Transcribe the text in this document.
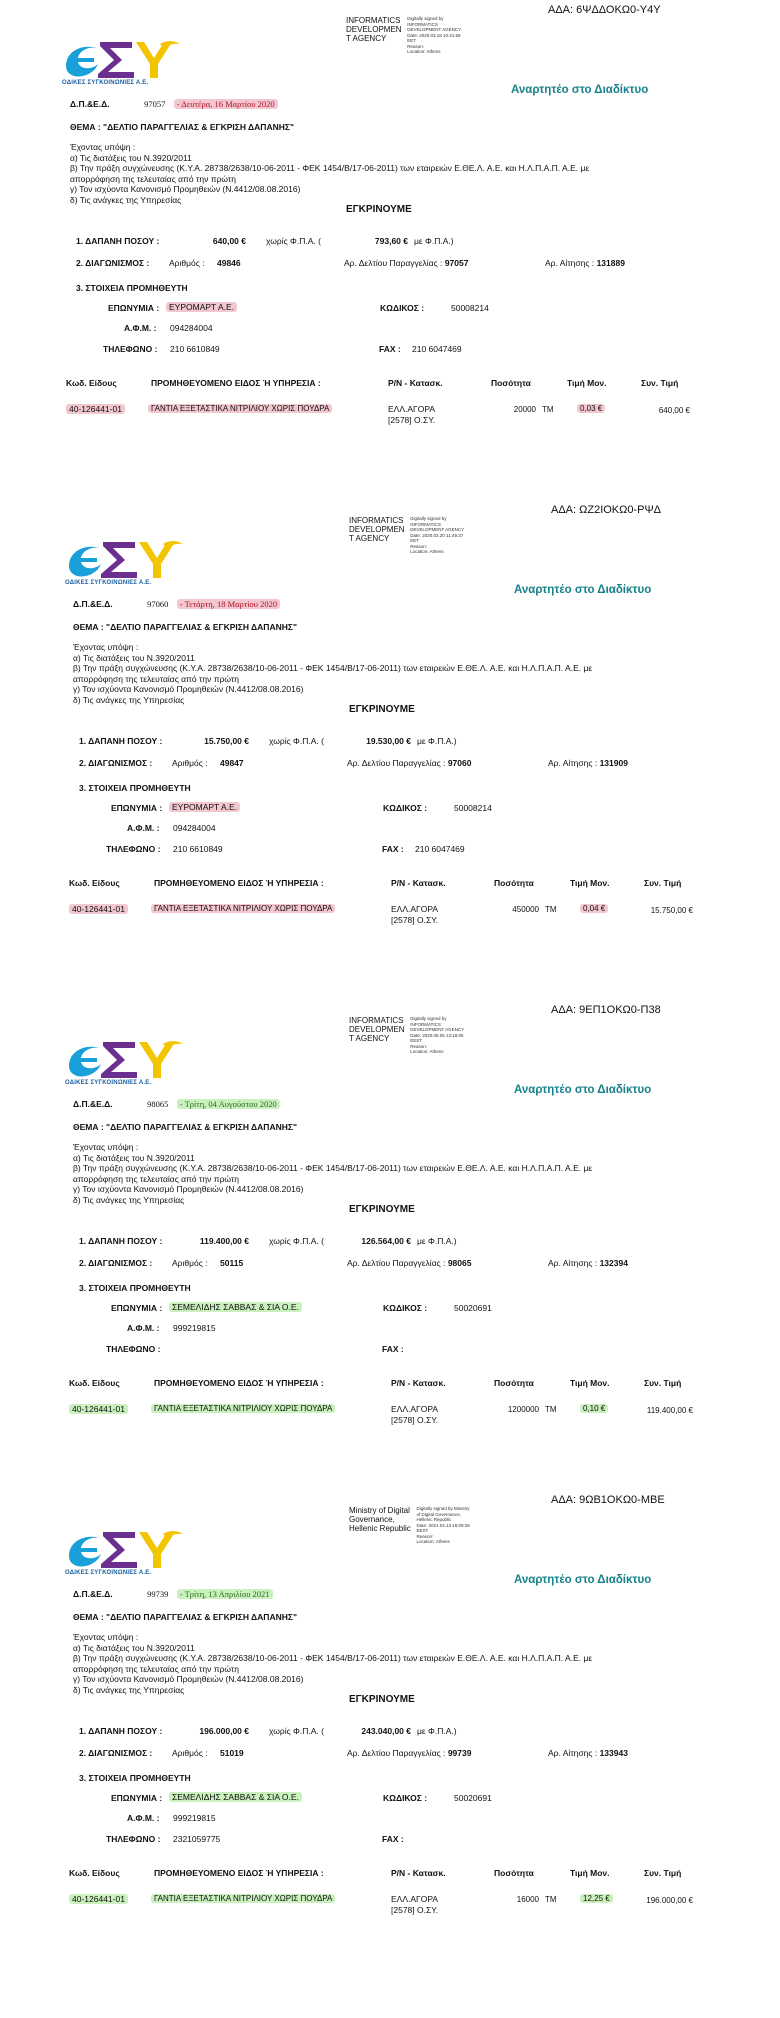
ΑΔΑ: 6ΨΔΔΟΚΩ0-Υ4Υ
INFORMATICS
DEVELOPMEN
T AGENCY Digitally signed by
INFORMATICS
DEVELOPMENT AGENCY
Date: 2020.03.18 10:41:59
EET
Reason:
Location: Athens
ΟΔΙΚΕΣ ΣΥΓΚΟΙΝΩΝΙΕΣ Α.Ε.
Αναρτητέο στο Διαδίκτυο
Δ.Π.&Ε.Δ.	97057 - Δευτέρα, 16 Μαρτίου 2020
ΘΕΜΑ : "ΔΕΛΤΙΟ ΠΑΡΑΓΓΕΛΙΑΣ & ΕΓΚΡΙΣΗ ΔΑΠΑΝΗΣ"
Έχοντας υπόψη :
α) Τις διατάξεις του Ν.3920/2011
β) Την πράξη συγχώνευσης (Κ.Υ.Α. 28738/2638/10-06-2011 - ΦΕΚ 1454/Β/17-06-2011) των εταιρειών Ε.ΘΕ.Λ. Α.Ε. και Η.Λ.Π.Α.Π. Α.Ε. με
απορρόφηση της τελευταίας από την πρώτη
γ) Τον ισχύοντα Κανονισμό Προμηθειών (Ν.4412/08.08.2016)
δ) Τις ανάγκες της Υπηρεσίας
ΕΓΚΡΙΝΟΥΜΕ
1. ΔΑΠΑΝΗ ΠΟΣΟΥ :	640,00 € χωρίς Φ.Π.Α. (	793,60 € με Φ.Π.Α.)
2. ΔΙΑΓΩΝΙΣΜΟΣ : Αριθμός : 49846	Αρ. Δελτίου Παραγγελίας : 97057	Αρ. Αίτησης : 131889
3. ΣΤΟΙΧΕΙΑ ΠΡΟΜΗΘΕΥΤΗ
ΕΠΩΝΥΜΙΑ :	ΕΥΡΟΜΑΡΤ Α.Ε.	ΚΩΔΙΚΟΣ :	50008214
Α.Φ.Μ. : 094284004
ΤΗΛΕΦΩΝΟ : 210 6610849	FAX : 210 6047469
Κωδ. Είδους	ΠΡΟΜΗΘΕΥΟΜΕΝΟ ΕΙΔΟΣ Ή ΥΠΗΡΕΣΙΑ :	P/N - Κατασκ.	Ποσότητα	Τιμή Μον.	Συν. Τιμή
40-126441-01	ΓΑΝΤΙΑ ΕΞΕΤΑΣΤΙΚΑ ΝΙΤΡΙΛΙΟΥ ΧΩΡΙΣ ΠΟΥΔΡΑ	ΕΛΛ.ΑΓΟΡΑ
[2578] Ο.ΣΥ.
20000 TM	0,03 €	640,00 €
ΑΔΑ: ΩΖ2ΙΟΚΩ0-ΡΨΔ
INFORMATICS
DEVELOPMEN
T AGENCY Digitally signed by
INFORMATICS
DEVELOPMENT AGENCY
Date: 2020.03.20 11:49:37
EET
Reason:
Location: Athens
ΟΔΙΚΕΣ ΣΥΓΚΟΙΝΩΝΙΕΣ Α.Ε.
Αναρτητέο στο Διαδίκτυο
Δ.Π.&Ε.Δ.	97060 - Τετάρτη, 18 Μαρτίου 2020
ΘΕΜΑ : "ΔΕΛΤΙΟ ΠΑΡΑΓΓΕΛΙΑΣ & ΕΓΚΡΙΣΗ ΔΑΠΑΝΗΣ"
Έχοντας υπόψη :
α) Τις διατάξεις του Ν.3920/2011
β) Την πράξη συγχώνευσης (Κ.Υ.Α. 28738/2638/10-06-2011 - ΦΕΚ 1454/Β/17-06-2011) των εταιρειών Ε.ΘΕ.Λ. Α.Ε. και Η.Λ.Π.Α.Π. Α.Ε. με
απορρόφηση της τελευταίας από την πρώτη
γ) Τον ισχύοντα Κανονισμό Προμηθειών (Ν.4412/08.08.2016)
δ) Τις ανάγκες της Υπηρεσίας
ΕΓΚΡΙΝΟΥΜΕ
1. ΔΑΠΑΝΗ ΠΟΣΟΥ :	15.750,00 € χωρίς Φ.Π.Α. (	19.530,00 € με Φ.Π.Α.)
2. ΔΙΑΓΩΝΙΣΜΟΣ : Αριθμός : 49847	Αρ. Δελτίου Παραγγελίας : 97060	Αρ. Αίτησης : 131909
3. ΣΤΟΙΧΕΙΑ ΠΡΟΜΗΘΕΥΤΗ
ΕΠΩΝΥΜΙΑ :	ΕΥΡΟΜΑΡΤ Α.Ε.	ΚΩΔΙΚΟΣ :	50008214
Α.Φ.Μ. : 094284004
ΤΗΛΕΦΩΝΟ : 210 6610849	FAX : 210 6047469
Κωδ. Είδους	ΠΡΟΜΗΘΕΥΟΜΕΝΟ ΕΙΔΟΣ Ή ΥΠΗΡΕΣΙΑ :	P/N - Κατασκ.	Ποσότητα	Τιμή Μον.	Συν. Τιμή
40-126441-01	ΓΑΝΤΙΑ ΕΞΕΤΑΣΤΙΚΑ ΝΙΤΡΙΛΙΟΥ ΧΩΡΙΣ ΠΟΥΔΡΑ	ΕΛΛ.ΑΓΟΡΑ
[2578] Ο.ΣΥ.
450000 TM	0,04 €	15.750,00 €
ΑΔΑ: 9ΕΠ1ΟΚΩ0-Π38
INFORMATICS
DEVELOPMEN
T AGENCY Digitally signed by
INFORMATICS
DEVELOPMENT AGENCY
Date: 2020.08.05 13:18:05
EEST
Reason:
Location: Athens
ΟΔΙΚΕΣ ΣΥΓΚΟΙΝΩΝΙΕΣ Α.Ε.
Αναρτητέο στο Διαδίκτυο
Δ.Π.&Ε.Δ.	98065 - Τρίτη, 04 Αυγούστου 2020
ΘΕΜΑ : "ΔΕΛΤΙΟ ΠΑΡΑΓΓΕΛΙΑΣ & ΕΓΚΡΙΣΗ ΔΑΠΑΝΗΣ"
Έχοντας υπόψη :
α) Τις διατάξεις του Ν.3920/2011
β) Την πράξη συγχώνευσης (Κ.Υ.Α. 28738/2638/10-06-2011 - ΦΕΚ 1454/Β/17-06-2011) των εταιρειών Ε.ΘΕ.Λ. Α.Ε. και Η.Λ.Π.Α.Π. Α.Ε. με
απορρόφηση της τελευταίας από την πρώτη
γ) Τον ισχύοντα Κανονισμό Προμηθειών (Ν.4412/08.08.2016)
δ) Τις ανάγκες της Υπηρεσίας
ΕΓΚΡΙΝΟΥΜΕ
1. ΔΑΠΑΝΗ ΠΟΣΟΥ :	119.400,00 € χωρίς Φ.Π.Α. (	126.564,00 € με Φ.Π.Α.)
2. ΔΙΑΓΩΝΙΣΜΟΣ : Αριθμός : 50115	Αρ. Δελτίου Παραγγελίας : 98065	Αρ. Αίτησης : 132394
3. ΣΤΟΙΧΕΙΑ ΠΡΟΜΗΘΕΥΤΗ
ΕΠΩΝΥΜΙΑ :	ΣΕΜΕΛΙΔΗΣ ΣΑΒΒΑΣ & ΣΙΑ Ο.Ε.	ΚΩΔΙΚΟΣ :	50020691
Α.Φ.Μ. : 999219815
ΤΗΛΕΦΩΝΟ :	FAX :
Κωδ. Είδους	ΠΡΟΜΗΘΕΥΟΜΕΝΟ ΕΙΔΟΣ Ή ΥΠΗΡΕΣΙΑ :	P/N - Κατασκ.	Ποσότητα	Τιμή Μον.	Συν. Τιμή
40-126441-01	ΓΑΝΤΙΑ ΕΞΕΤΑΣΤΙΚΑ ΝΙΤΡΙΛΙΟΥ ΧΩΡΙΣ ΠΟΥΔΡΑ	ΕΛΛ.ΑΓΟΡΑ
[2578] Ο.ΣΥ.
1200000 TM	0,10 €	119.400,00 €
ΑΔΑ: 9ΩΒ1ΟΚΩ0-ΜΒΕ
Ministry of Digital
Governance,
Hellenic Republic Digitally signed by Ministry
of Digital Governance,
Hellenic Republic
Date: 2021.04.13 15:09:26
EEST
Reason:
Location: Athens
ΟΔΙΚΕΣ ΣΥΓΚΟΙΝΩΝΙΕΣ Α.Ε.
Αναρτητέο στο Διαδίκτυο
Δ.Π.&Ε.Δ.	99739 - Τρίτη, 13 Απριλίου 2021
ΘΕΜΑ : "ΔΕΛΤΙΟ ΠΑΡΑΓΓΕΛΙΑΣ & ΕΓΚΡΙΣΗ ΔΑΠΑΝΗΣ"
Έχοντας υπόψη :
α) Τις διατάξεις του Ν.3920/2011
β) Την πράξη συγχώνευσης (Κ.Υ.Α. 28738/2638/10-06-2011 - ΦΕΚ 1454/Β/17-06-2011) των εταιρειών Ε.ΘΕ.Λ. Α.Ε. και Η.Λ.Π.Α.Π. Α.Ε. με
απορρόφηση της τελευταίας από την πρώτη
γ) Τον ισχύοντα Κανονισμό Προμηθειών (Ν.4412/08.08.2016)
δ) Τις ανάγκες της Υπηρεσίας
ΕΓΚΡΙΝΟΥΜΕ
1. ΔΑΠΑΝΗ ΠΟΣΟΥ :	196.000,00 € χωρίς Φ.Π.Α. (	243.040,00 € με Φ.Π.Α.)
2. ΔΙΑΓΩΝΙΣΜΟΣ : Αριθμός : 51019	Αρ. Δελτίου Παραγγελίας : 99739	Αρ. Αίτησης : 133943
3. ΣΤΟΙΧΕΙΑ ΠΡΟΜΗΘΕΥΤΗ
ΕΠΩΝΥΜΙΑ :	ΣΕΜΕΛΙΔΗΣ ΣΑΒΒΑΣ & ΣΙΑ Ο.Ε.	ΚΩΔΙΚΟΣ :	50020691
Α.Φ.Μ. : 999219815
ΤΗΛΕΦΩΝΟ : 2321059775	FAX :
Κωδ. Είδους	ΠΡΟΜΗΘΕΥΟΜΕΝΟ ΕΙΔΟΣ Ή ΥΠΗΡΕΣΙΑ :	P/N - Κατασκ.	Ποσότητα	Τιμή Μον.	Συν. Τιμή
40-126441-01	ΓΑΝΤΙΑ ΕΞΕΤΑΣΤΙΚΑ ΝΙΤΡΙΛΙΟΥ ΧΩΡΙΣ ΠΟΥΔΡΑ	ΕΛΛ.ΑΓΟΡΑ
[2578] Ο.ΣΥ.
16000 TM	12,25 €	196.000,00 €
